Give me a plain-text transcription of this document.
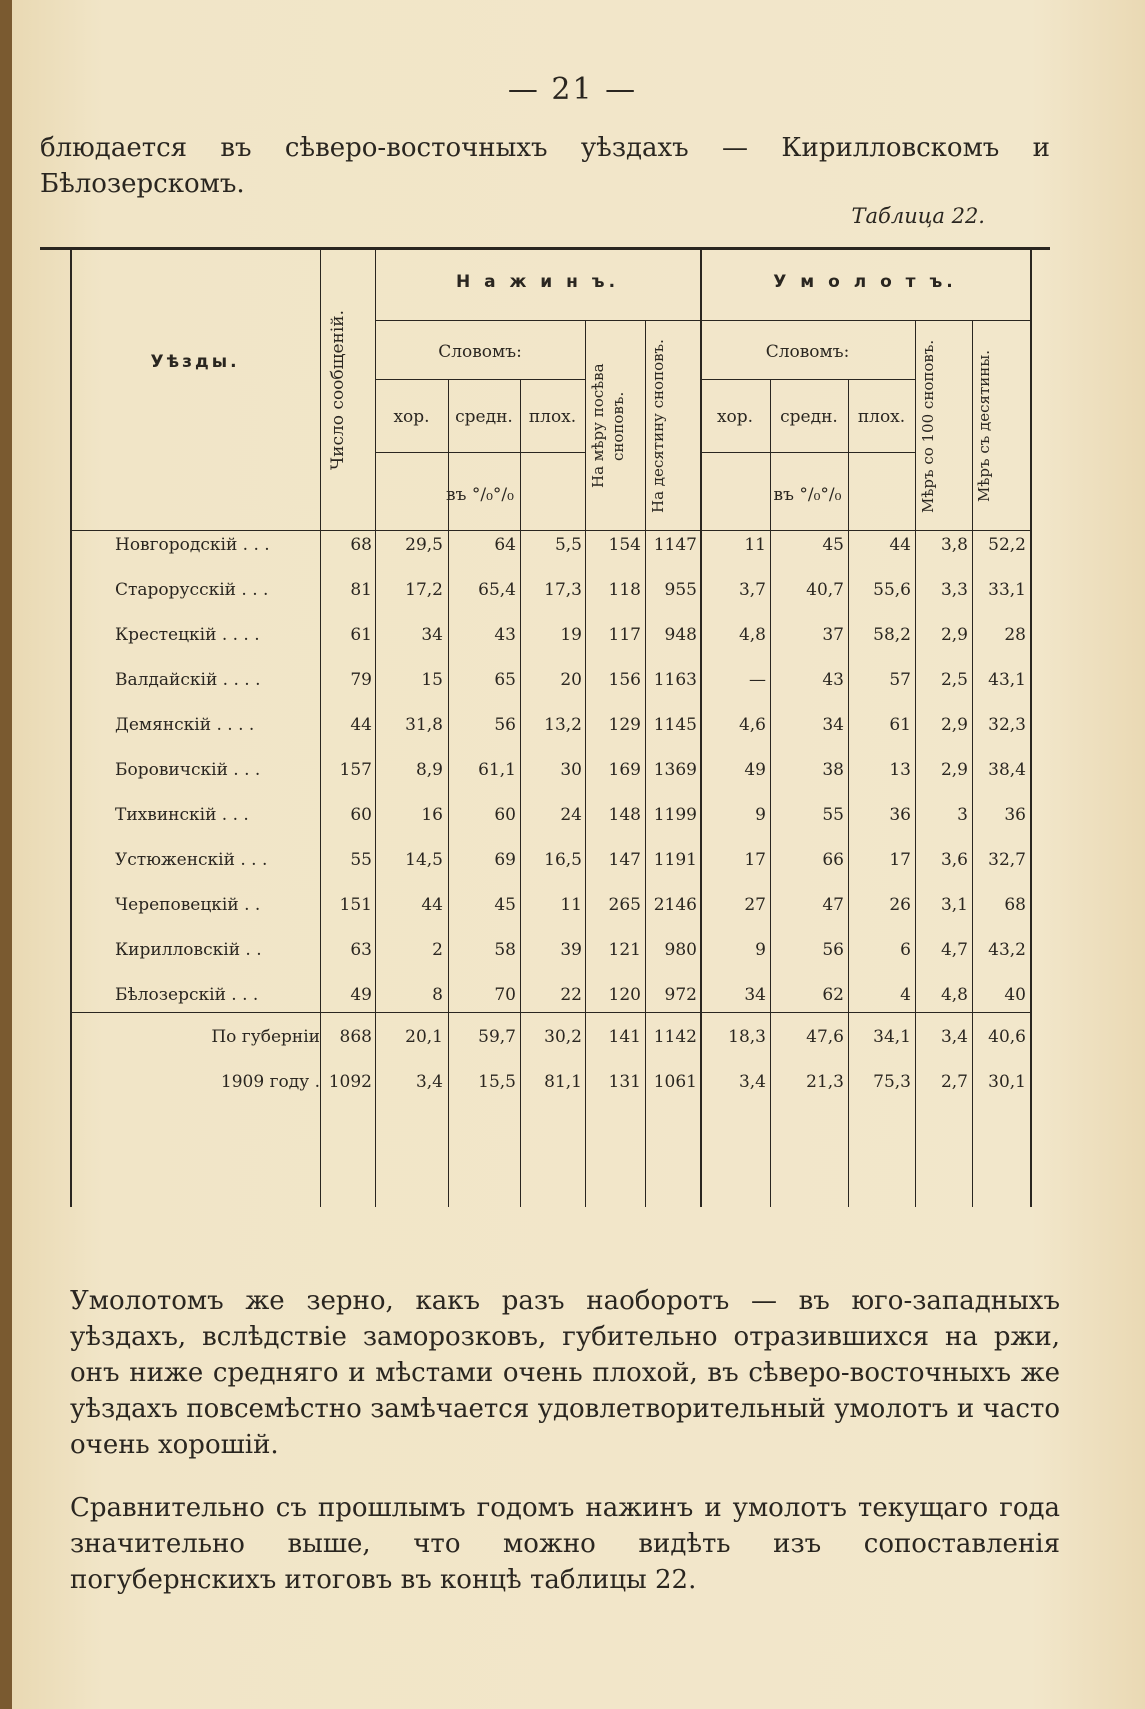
— 21 —

блюдается въ сѣверо-восточныхъ уѣздахъ — Кирилловскомъ и Бѣлозерскомъ.

Таблица 22.
Уѣзды.	Число сообщеній.
Н а ж и н ъ.	У м о л о т ъ.
Словомъ:	Словомъ:
хор.	средн. плох.	хор.	средн.	плох.
въ °/₀°/₀	въ °/₀°/₀
На мѣру посѣва сноповъ.	На десятину сноповъ.	Мѣръ со 100 сноповъ.	Мѣръ съ десятины.
Новгородскій . . .	68	29,5	64	5,5	154 1147	11	45	44	3,8	52,2
Старорусскій . . .	81	17,2	65,4	17,3	118	955	3,7	40,7	55,6	3,3	33,1
Крестецкій . . . .	61	34	43	19	117	948	4,8	37	58,2	2,9	28
Валдайскій . . . .	79	15	65	20	156 1163	—	43	57	2,5	43,1
Демянскій . . . .	44	31,8	56	13,2	129 1145	4,6	34	61	2,9	32,3
Боровичскій . . .	157	8,9	61,1	30	169 1369	49	38	13	2,9	38,4
Тихвинскій . . .	60	16	60	24	148 1199	9	55	36	3	36
Устюженскій . . .	55	14,5	69	16,5	147 1191	17	66	17	3,6	32,7
Череповецкій . .	151	44	45	11	265 2146	27	47	26	3,1	68
Кирилловскій . .	63	2	58	39	121	980	9	56	6	4,7	43,2
Бѣлозерскій . . .	49	8	70	22	120	972	34	62	4	4,8	40
По губерніи	868	20,1	59,7	30,2	141 1142	18,3	47,6	34,1	3,4	40,6
1909 году . 1092	3,4	15,5	81,1	131 1061	3,4	21,3	75,3	2,7	30,1

Умолотомъ же зерно, какъ разъ наоборотъ — въ юго-западныхъ уѣздахъ, вслѣдствіе заморозковъ, губительно отразившихся на ржи, онъ ниже средняго и мѣстами очень плохой, въ сѣверо-восточныхъ же уѣздахъ повсемѣстно замѣчается удовлетворительный умолотъ и часто очень хорошій.

Сравнительно съ прошлымъ годомъ нажинъ и умолотъ текущаго года значительно выше, что можно видѣть изъ сопоставленія погубернскихъ итоговъ въ концѣ таблицы 22.
